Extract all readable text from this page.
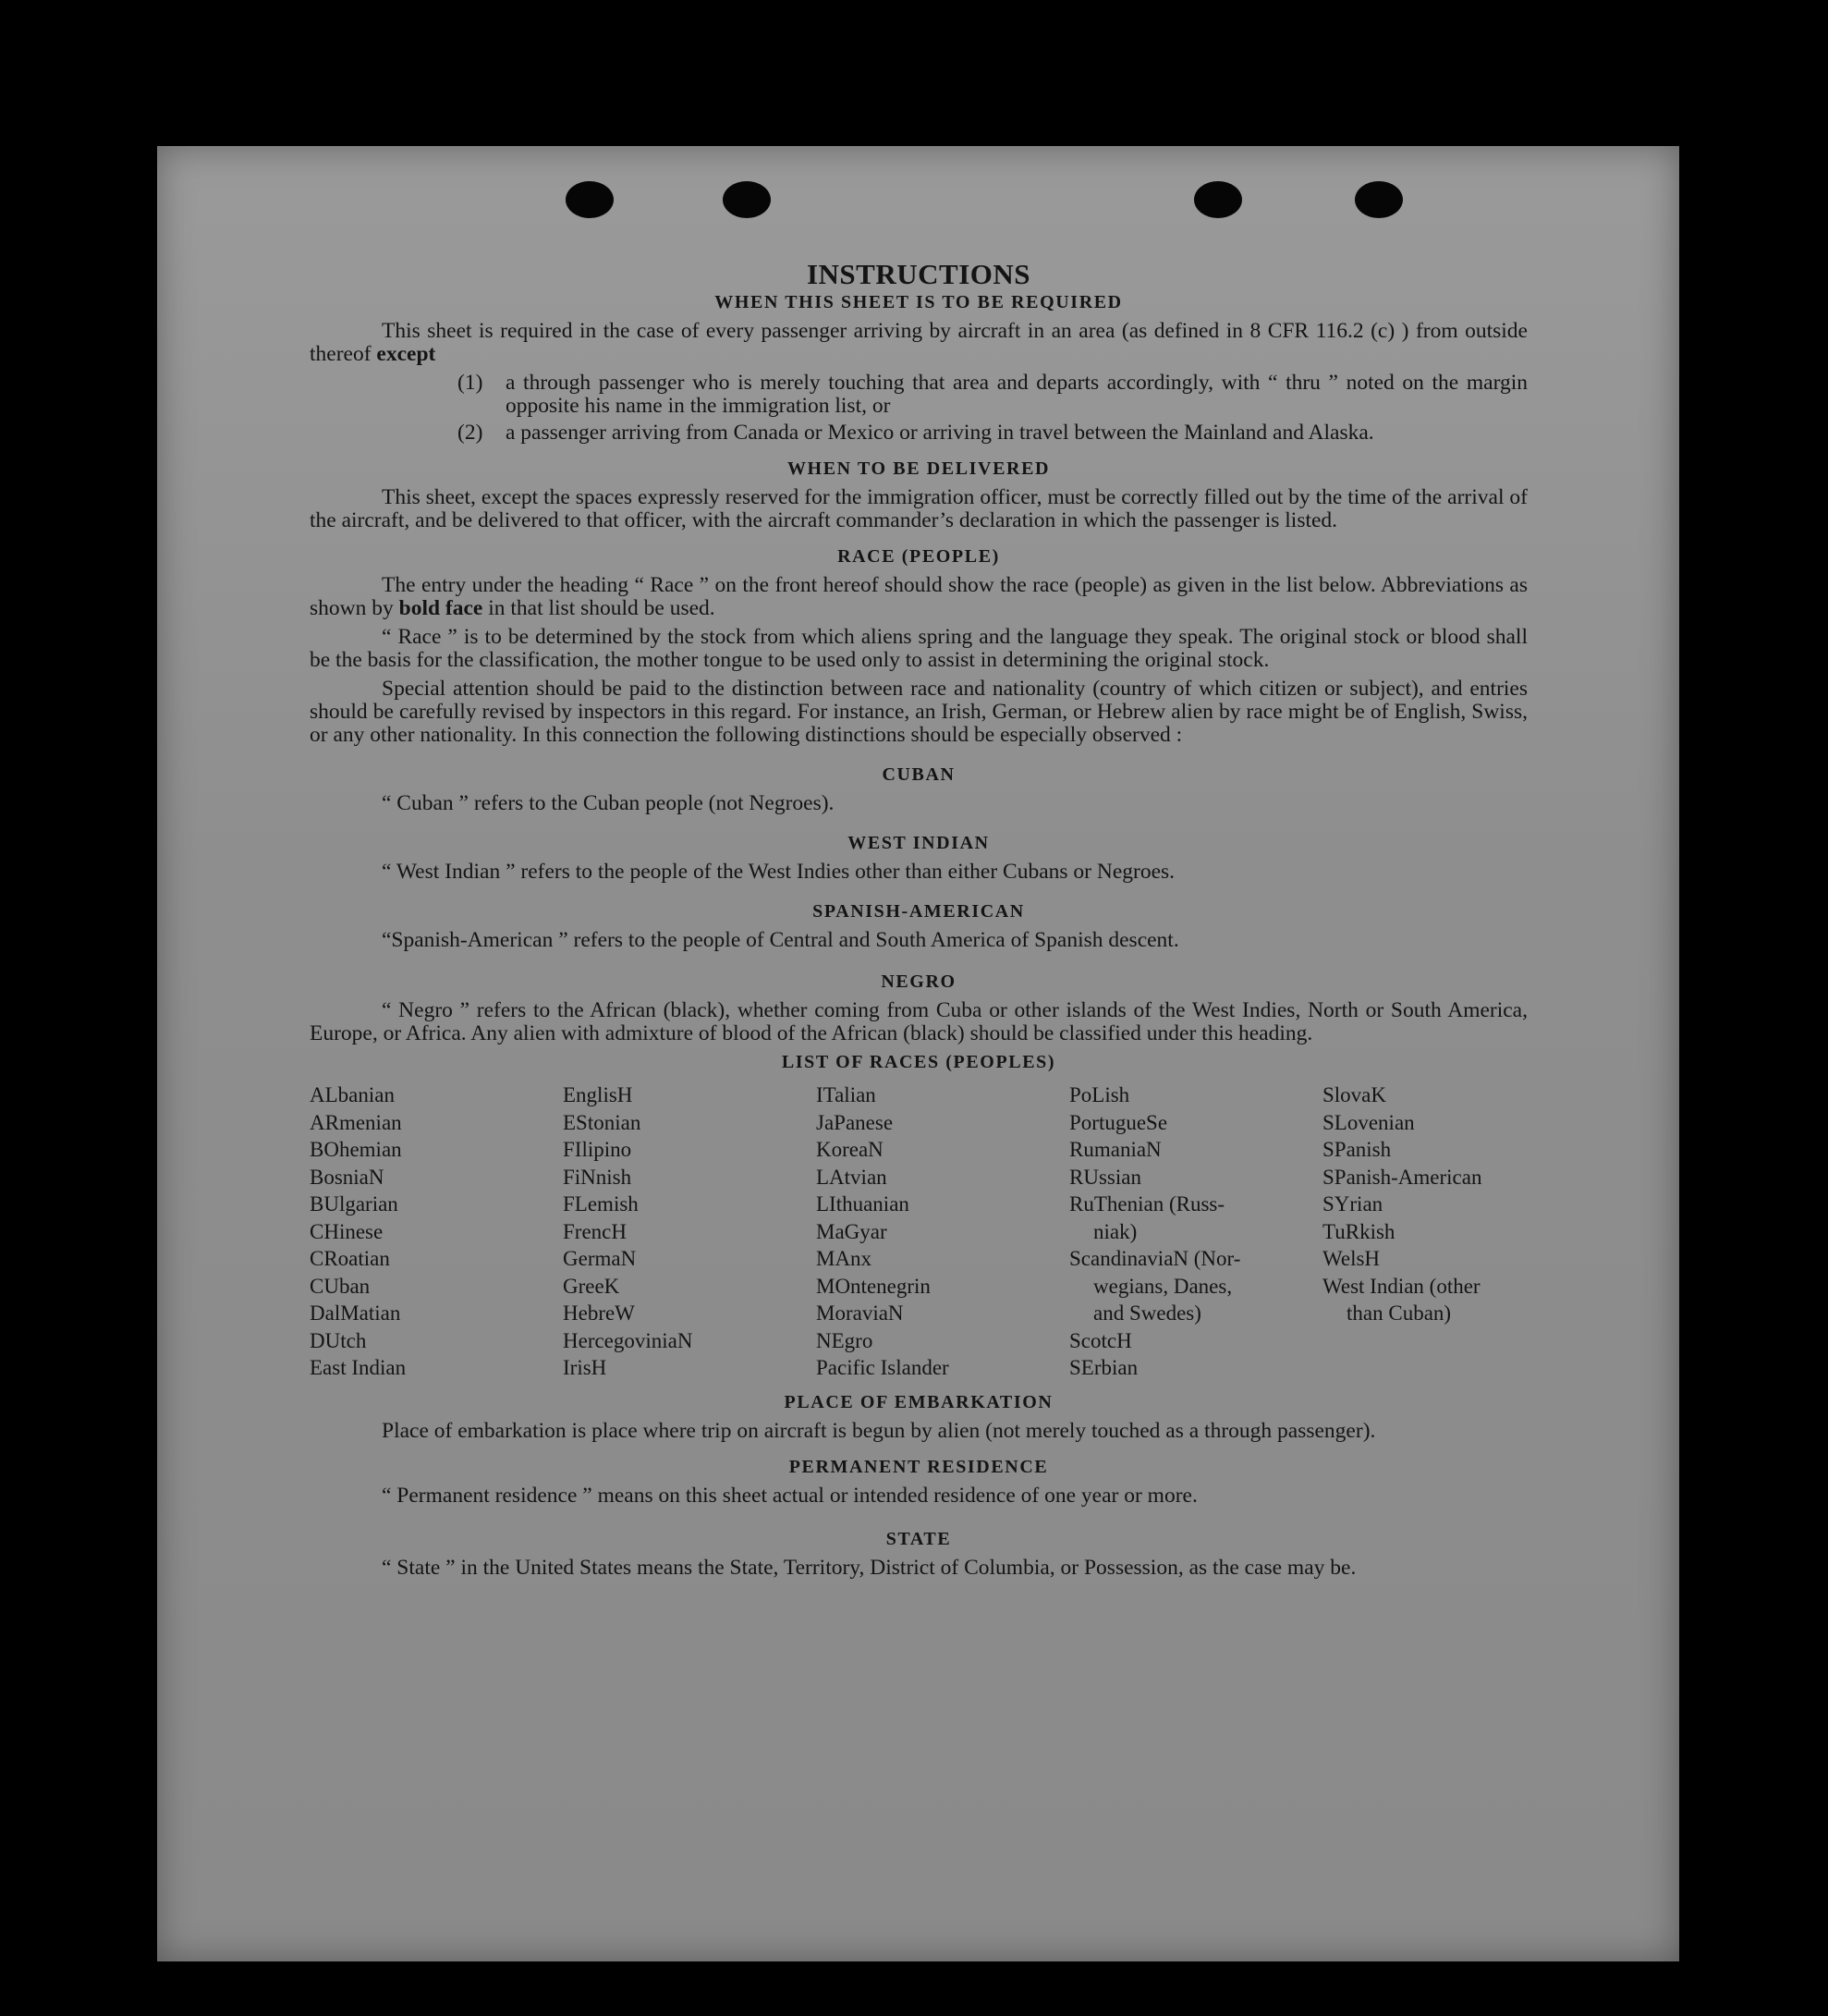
INSTRUCTIONS
WHEN THIS SHEET IS TO BE REQUIRED

This sheet is required in the case of every passenger arriving by aircraft in an area (as defined in 8 CFR 116.2 (c) ) from outside thereof except

(1)	a through passenger who is merely touching that area and departs accordingly, with “ thru ” noted on the margin opposite his name in the immigration list, or
(2)	a passenger arriving from Canada or Mexico or arriving in travel between the Mainland and Alaska.
WHEN TO BE DELIVERED

This sheet, except the spaces expressly reserved for the immigration officer, must be correctly filled out by the time of the arrival of the aircraft, and be delivered to that officer, with the aircraft commander’s declaration in which the passenger is listed.

RACE (PEOPLE)

The entry under the heading “ Race ” on the front hereof should show the race (people) as given in the list below. Abbreviations as shown by bold face in that list should be used.

“ Race ” is to be determined by the stock from which aliens spring and the language they speak. The original stock or blood shall be the basis for the classification, the mother tongue to be used only to assist in determining the original stock.

Special attention should be paid to the distinction between race and nationality (country of which citizen or subject), and entries should be carefully revised by inspectors in this regard. For instance, an Irish, German, or Hebrew alien by race might be of English, Swiss, or any other nationality. In this connection the following distinctions should be especially observed :

CUBAN

“ Cuban ” refers to the Cuban people (not Negroes).

WEST INDIAN

“ West Indian ” refers to the people of the West Indies other than either Cubans or Negroes.

SPANISH-AMERICAN

“Spanish-American ” refers to the people of Central and South America of Spanish descent.

NEGRO

“ Negro ” refers to the African (black), whether coming from Cuba or other islands of the West Indies, North or South America, Europe, or Africa. Any alien with admixture of blood of the African (black) should be classified under this heading.

LIST OF RACES (PEOPLES)
ALbanian
ARmenian
BOhemian
BosniaN
BUlgarian
CHinese
CRoatian
CUban
DalMatian
DUtch
East Indian
EnglisH
EStonian
FIlipino
FiNnish
FLemish
FrencH
GermaN
GreeK
HebreW
HercegoviniaN
IrisH
ITalian
JaPanese
KoreaN
LAtvian
LIthuanian
MaGyar
MAnx
MOntenegrin
MoraviaN
NEgro
Pacific Islander
PoLish
PortugueSe
RumaniaN
RUssian
RuThenian (Russ-
niak)
ScandinaviaN (Nor-
wegians, Danes,
and Swedes)
ScotcH
SErbian
SlovaK
SLovenian
SPanish
SPanish-American
SYrian
TuRkish
WelsH
West Indian (other
than Cuban)
PLACE OF EMBARKATION

Place of embarkation is place where trip on aircraft is begun by alien (not merely touched as a through passenger).

PERMANENT RESIDENCE

“ Permanent residence ” means on this sheet actual or intended residence of one year or more.

STATE

“ State ” in the United States means the State, Territory, District of Columbia, or Possession, as the case may be.
